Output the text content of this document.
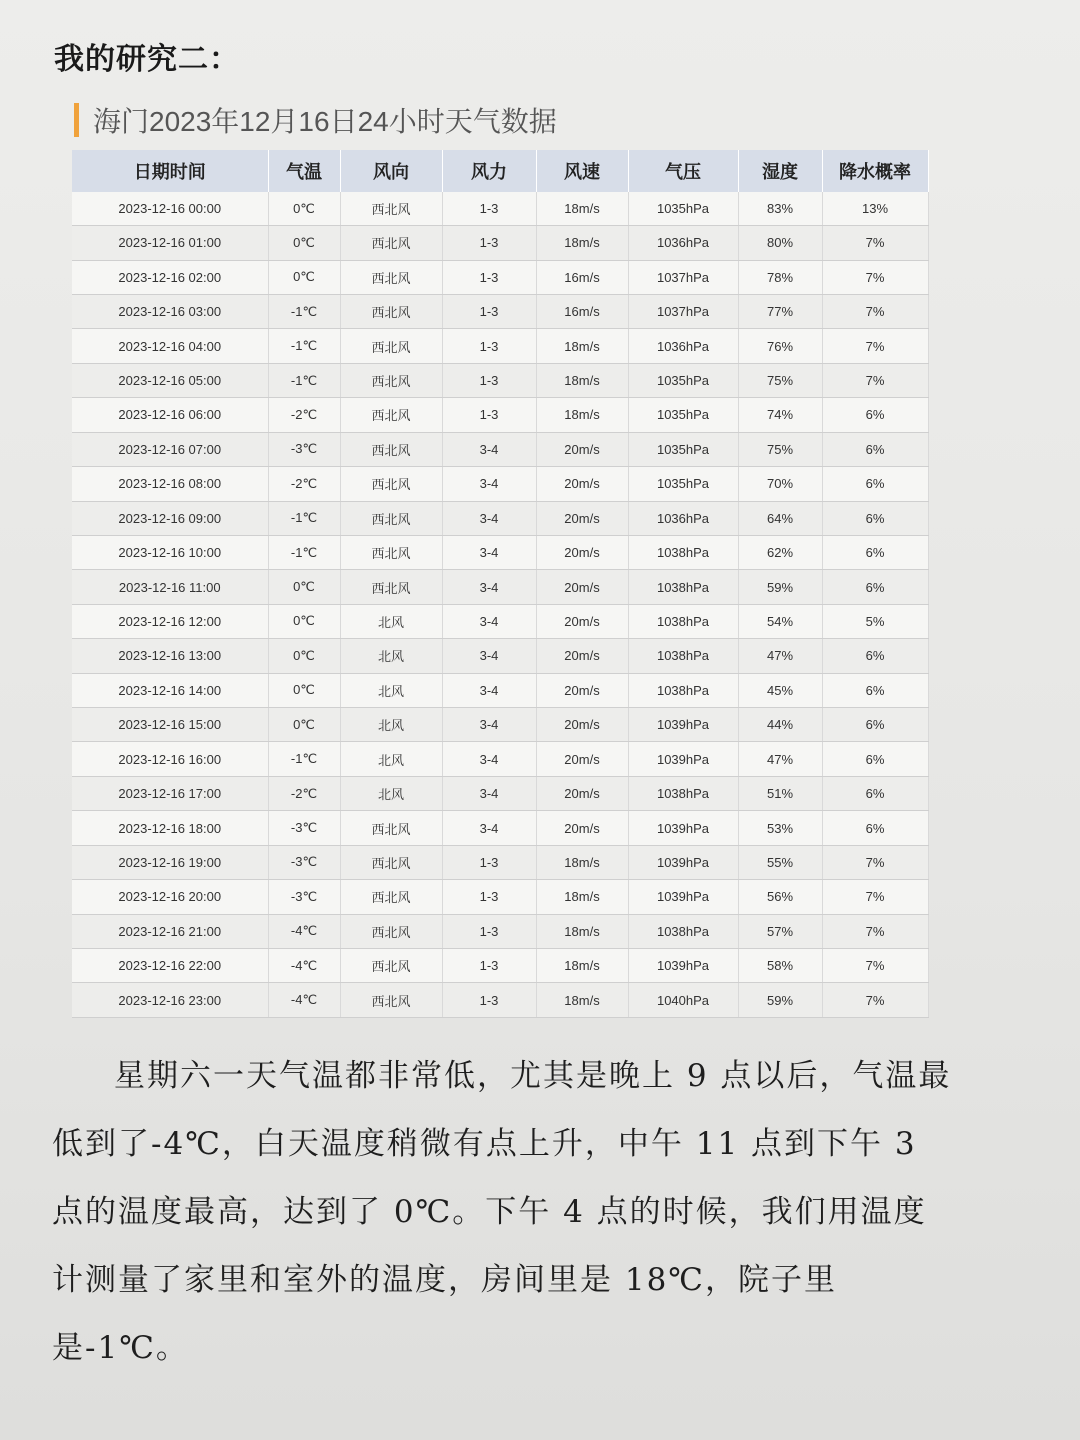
我的研究二：
海门2023年12月16日24小时天气数据
日期时间	气温	风向	风力	风速	气压	湿度	降水概率
2023-12-16 00:00	0℃	西北风	1-3	18m/s	1035hPa	83%	13%
2023-12-16 01:00	0℃	西北风	1-3	18m/s	1036hPa	80%	7%
2023-12-16 02:00	0℃	西北风	1-3	16m/s	1037hPa	78%	7%
2023-12-16 03:00	-1℃	西北风	1-3	16m/s	1037hPa	77%	7%
2023-12-16 04:00	-1℃	西北风	1-3	18m/s	1036hPa	76%	7%
2023-12-16 05:00	-1℃	西北风	1-3	18m/s	1035hPa	75%	7%
2023-12-16 06:00	-2℃	西北风	1-3	18m/s	1035hPa	74%	6%
2023-12-16 07:00	-3℃	西北风	3-4	20m/s	1035hPa	75%	6%
2023-12-16 08:00	-2℃	西北风	3-4	20m/s	1035hPa	70%	6%
2023-12-16 09:00	-1℃	西北风	3-4	20m/s	1036hPa	64%	6%
2023-12-16 10:00	-1℃	西北风	3-4	20m/s	1038hPa	62%	6%
2023-12-16 11:00	0℃	西北风	3-4	20m/s	1038hPa	59%	6%
2023-12-16 12:00	0℃	北风	3-4	20m/s	1038hPa	54%	5%
2023-12-16 13:00	0℃	北风	3-4	20m/s	1038hPa	47%	6%
2023-12-16 14:00	0℃	北风	3-4	20m/s	1038hPa	45%	6%
2023-12-16 15:00	0℃	北风	3-4	20m/s	1039hPa	44%	6%
2023-12-16 16:00	-1℃	北风	3-4	20m/s	1039hPa	47%	6%
2023-12-16 17:00	-2℃	北风	3-4	20m/s	1038hPa	51%	6%
2023-12-16 18:00	-3℃	西北风	3-4	20m/s	1039hPa	53%	6%
2023-12-16 19:00	-3℃	西北风	1-3	18m/s	1039hPa	55%	7%
2023-12-16 20:00	-3℃	西北风	1-3	18m/s	1039hPa	56%	7%
2023-12-16 21:00	-4℃	西北风	1-3	18m/s	1038hPa	57%	7%
2023-12-16 22:00	-4℃	西北风	1-3	18m/s	1039hPa	58%	7%
2023-12-16 23:00	-4℃	西北风	1-3	18m/s	1040hPa	59%	7%
星期六一天气温都非常低，尤其是晚上 9 点以后，气温最低到了-4℃，白天温度稍微有点上升，中午 11 点到下午 3 点的温度最高，达到了 0℃。下午 4 点的时候，我们用温度计测量了家里和室外的温度，房间里是 18℃，院子里是-1℃。
